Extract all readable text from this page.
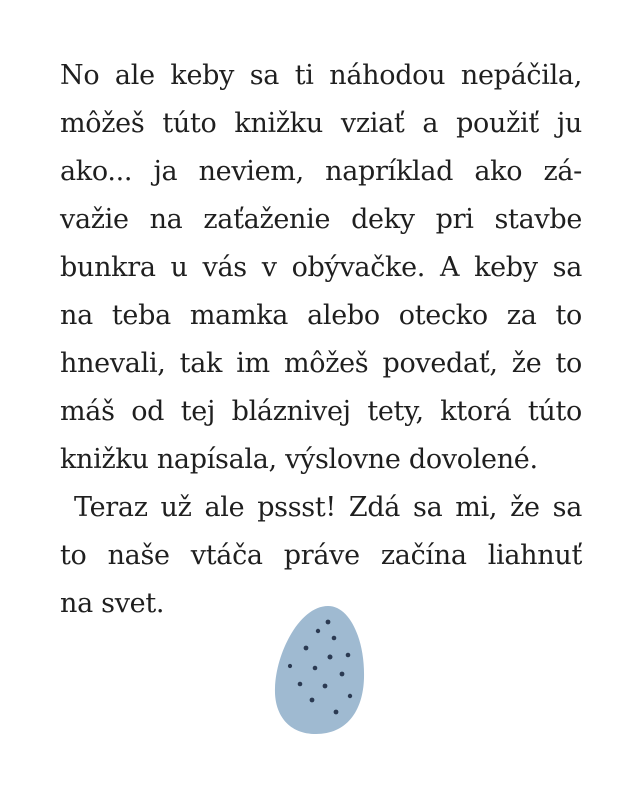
No ale keby sa ti náhodou nepáčila,
môžeš túto knižku vziať a použiť ju
ako... ja neviem, napríklad ako zá-
važie na zaťaženie deky pri stavbe
bunkra u vás v obývačke. A keby sa
na teba mamka alebo otecko za to
hnevali, tak im môžeš povedať, že to
máš od tej bláznivej tety, ktorá túto
knižku napísala, výslovne dovolené.
Teraz už ale pssst! Zdá sa mi, že sa
to naše vtáča práve začína liahnuť
na svet.
